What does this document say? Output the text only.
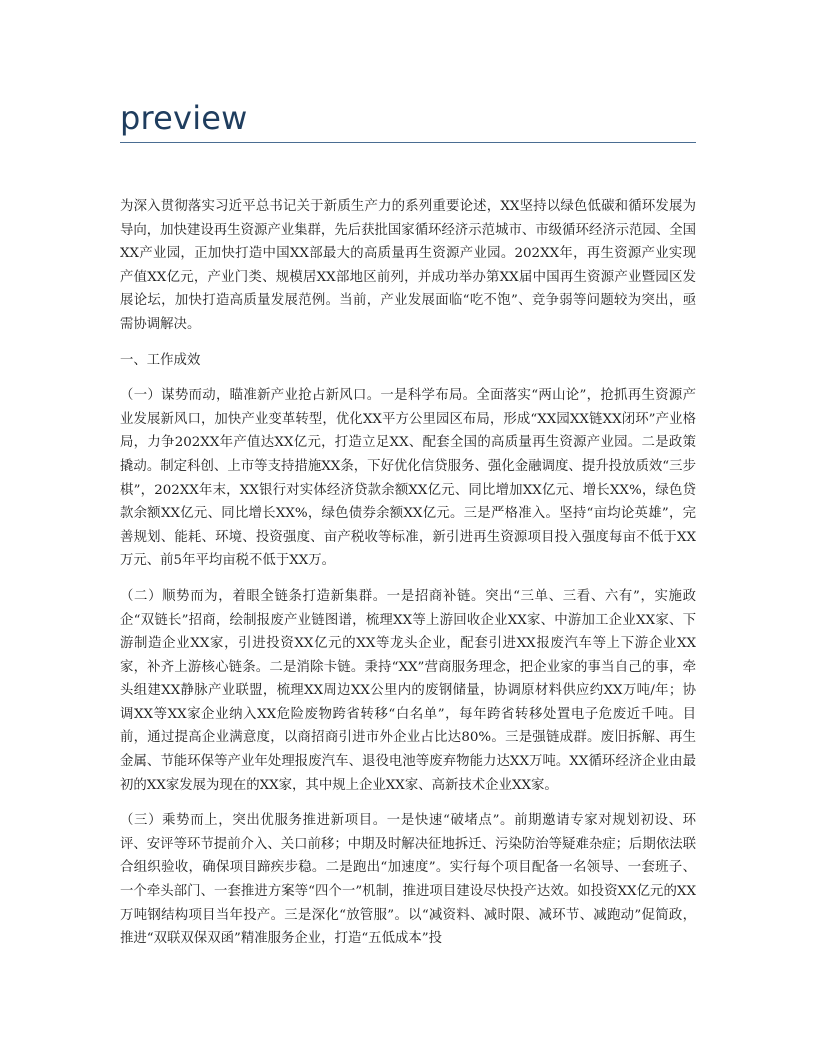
preview

为深入贯彻落实习近平总书记关于新质生产力的系列重要论述，XX坚持以绿色低碳和循环发展为导向，加快建设再生资源产业集群，先后获批国家循环经济示范城市、市级循环经济示范园、全国XX产业园，正加快打造中国XX部最大的高质量再生资源产业园。202XX年，再生资源产业实现产值XX亿元，产业门类、规模居XX部地区前列，并成功举办第XX届中国再生资源产业暨园区发展论坛，加快打造高质量发展范例。当前，产业发展面临“吃不饱”、竞争弱等问题较为突出，亟需协调解决。

一、工作成效

（一）谋势而动，瞄准新产业抢占新风口。一是科学布局。全面落实“两山论”，抢抓再生资源产业发展新风口，加快产业变革转型，优化XX平方公里园区布局，形成“XX园XX链XX闭环”产业格局，力争202XX年产值达XX亿元，打造立足XX、配套全国的高质量再生资源产业园。二是政策撬动。制定科创、上市等支持措施XX条，下好优化信贷服务、强化金融调度、提升投放质效“三步棋”，202XX年末，XX银行对实体经济贷款余额XX亿元、同比增加XX亿元、增长XX%，绿色贷款余额XX亿元、同比增长XX%，绿色债券余额XX亿元。三是严格准入。坚持“亩均论英雄”，完善规划、能耗、环境、投资强度、亩产税收等标准，新引进再生资源项目投入强度每亩不低于XX万元、前5年平均亩税不低于XX万。

（二）顺势而为，着眼全链条打造新集群。一是招商补链。突出“三单、三看、六有”，实施政企“双链长”招商，绘制报废产业链图谱，梳理XX等上游回收企业XX家、中游加工企业XX家、下游制造企业XX家，引进投资XX亿元的XX等龙头企业，配套引进XX报废汽车等上下游企业XX家，补齐上游核心链条。二是消除卡链。秉持“XX”营商服务理念，把企业家的事当自己的事，牵头组建XX静脉产业联盟，梳理XX周边XX公里内的废钢储量，协调原材料供应约XX万吨/年；协调XX等XX家企业纳入XX危险废物跨省转移“白名单”，每年跨省转移处置电子危废近千吨。目前，通过提高企业满意度，以商招商引进市外企业占比达80%。三是强链成群。废旧拆解、再生金属、节能环保等产业年处理报废汽车、退役电池等废弃物能力达XX万吨。XX循环经济企业由最初的XX家发展为现在的XX家，其中规上企业XX家、高新技术企业XX家。

（三）乘势而上，突出优服务推进新项目。一是快速“破堵点”。前期邀请专家对规划初设、环评、安评等环节提前介入、关口前移；中期及时解决征地拆迁、污染防治等疑难杂症；后期依法联合组织验收，确保项目蹄疾步稳。二是跑出“加速度”。实行每个项目配备一名领导、一套班子、一个牵头部门、一套推进方案等“四个一”机制，推进项目建设尽快投产达效。如投资XX亿元的XX万吨钢结构项目当年投产。三是深化“放管服”。以“减资料、减时限、减环节、减跑动”促简政，推进“双联双保双函”精准服务企业，打造“五低成本”投
